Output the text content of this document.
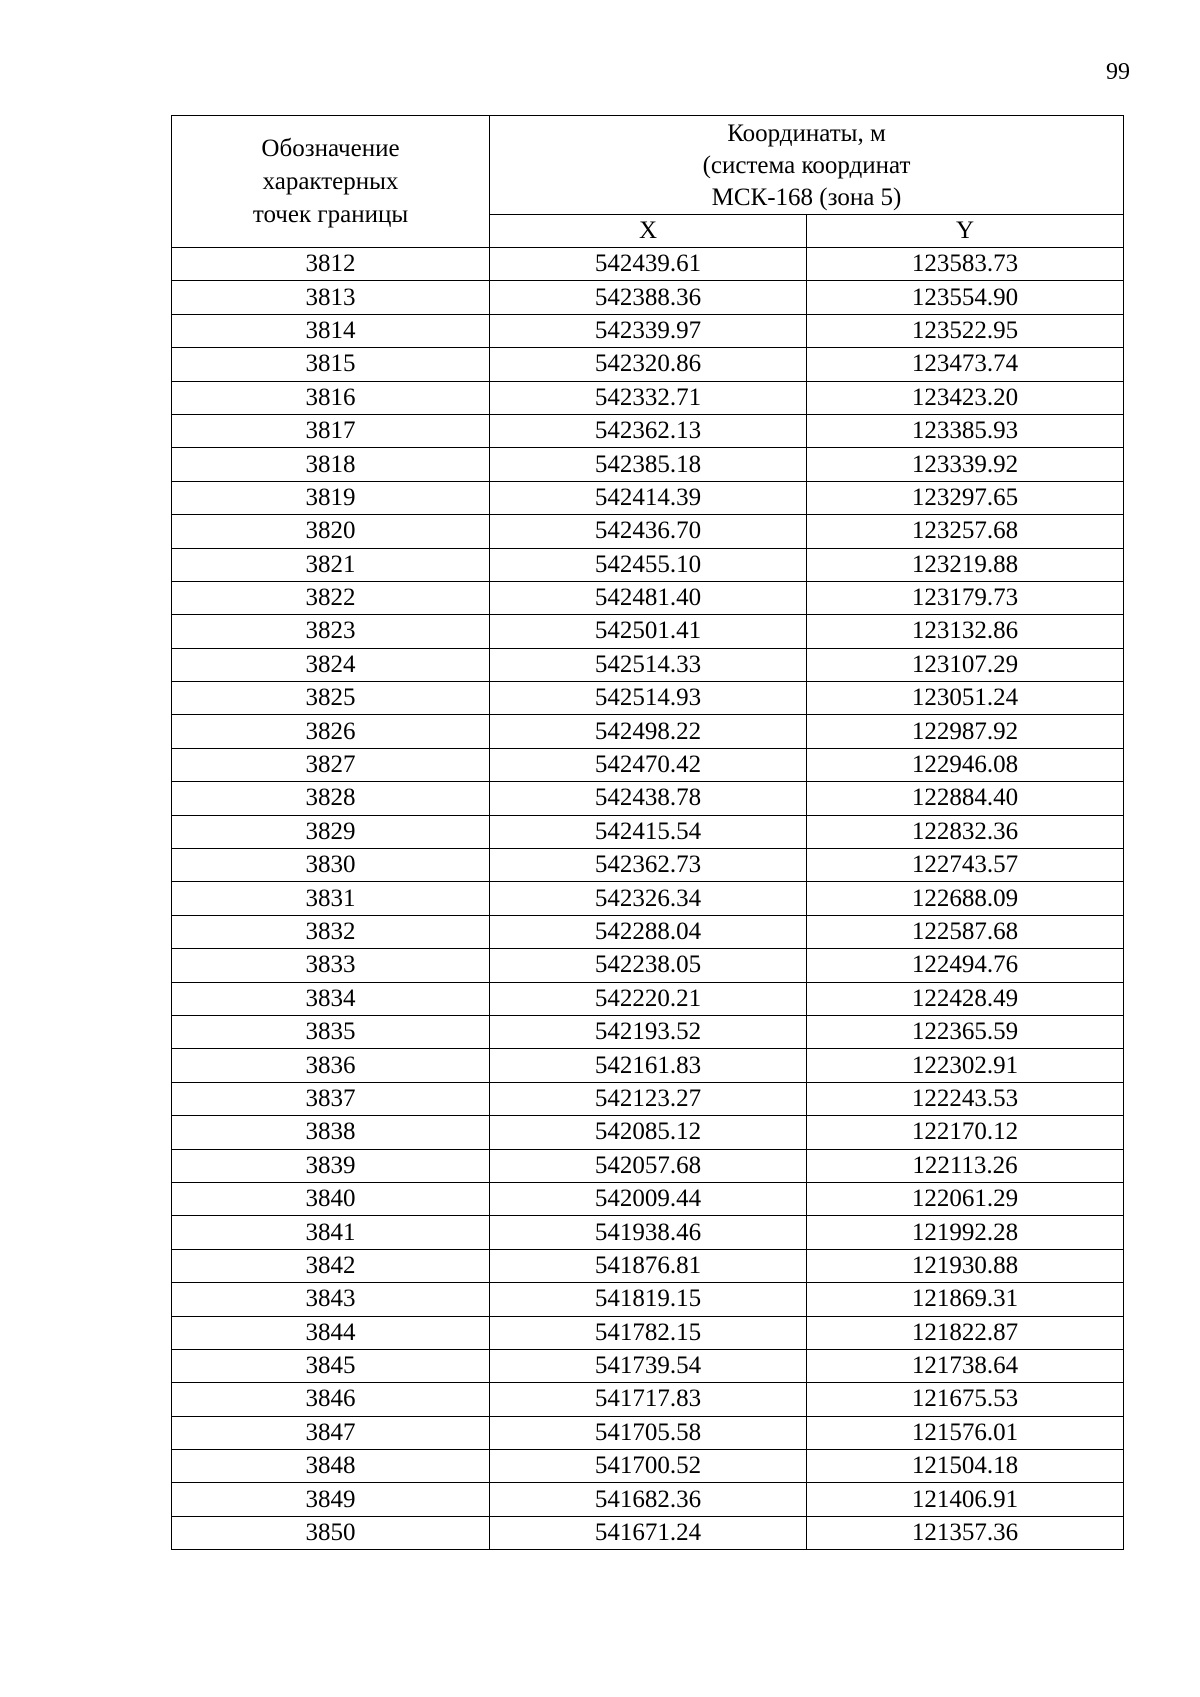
99
Обозначение
характерных
точек границы	Координаты, м
(система координат
МСК-168 (зона 5)	

	X	Y
3812	542439.61	123583.73
3813	542388.36	123554.90
3814	542339.97	123522.95
3815	542320.86	123473.74
3816	542332.71	123423.20
3817	542362.13	123385.93
3818	542385.18	123339.92
3819	542414.39	123297.65
3820	542436.70	123257.68
3821	542455.10	123219.88
3822	542481.40	123179.73
3823	542501.41	123132.86
3824	542514.33	123107.29
3825	542514.93	123051.24
3826	542498.22	122987.92
3827	542470.42	122946.08
3828	542438.78	122884.40
3829	542415.54	122832.36
3830	542362.73	122743.57
3831	542326.34	122688.09
3832	542288.04	122587.68
3833	542238.05	122494.76
3834	542220.21	122428.49
3835	542193.52	122365.59
3836	542161.83	122302.91
3837	542123.27	122243.53
3838	542085.12	122170.12
3839	542057.68	122113.26
3840	542009.44	122061.29
3841	541938.46	121992.28
3842	541876.81	121930.88
3843	541819.15	121869.31
3844	541782.15	121822.87
3845	541739.54	121738.64
3846	541717.83	121675.53
3847	541705.58	121576.01
3848	541700.52	121504.18
3849	541682.36	121406.91
3850	541671.24	121357.36
